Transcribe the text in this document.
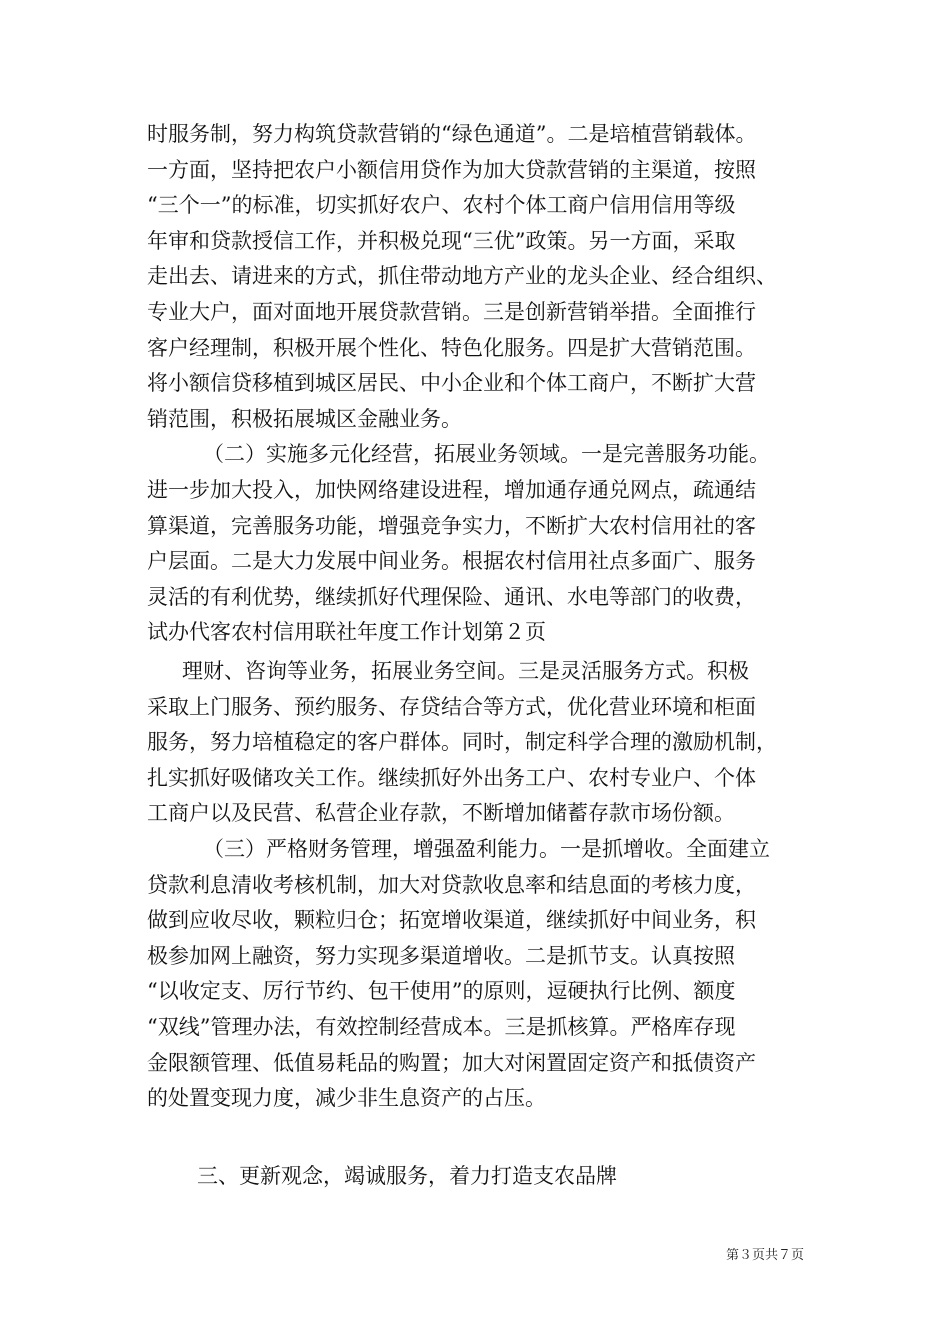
时服务制，努力构筑贷款营销的“绿色通道”。二是培植营销载体。
一方面，坚持把农户小额信用贷作为加大贷款营销的主渠道，按照
“三个一”的标准，切实抓好农户、农村个体工商户信用信用等级
年审和贷款授信工作，并积极兑现“三优”政策。另一方面，采取
走出去、请进来的方式，抓住带动地方产业的龙头企业、经合组织、
专业大户，面对面地开展贷款营销。三是创新营销举措。全面推行
客户经理制，积极开展个性化、特色化服务。四是扩大营销范围。
将小额信贷移植到城区居民、中小企业和个体工商户，不断扩大营
销范围，积极拓展城区金融业务。
（二）实施多元化经营，拓展业务领域。一是完善服务功能。
进一步加大投入，加快网络建设进程，增加通存通兑网点，疏通结
算渠道，完善服务功能，增强竞争实力，不断扩大农村信用社的客
户层面。二是大力发展中间业务。根据农村信用社点多面广、服务
灵活的有利优势，继续抓好代理保险、通讯、水电等部门的收费，
试办代客农村信用联社年度工作计划第２页
理财、咨询等业务，拓展业务空间。三是灵活服务方式。积极
采取上门服务、预约服务、存贷结合等方式，优化营业环境和柜面
服务，努力培植稳定的客户群体。同时，制定科学合理的激励机制，
扎实抓好吸储攻关工作。继续抓好外出务工户、农村专业户、个体
工商户以及民营、私营企业存款，不断增加储蓄存款市场份额。
（三）严格财务管理，增强盈利能力。一是抓增收。全面建立
贷款利息清收考核机制，加大对贷款收息率和结息面的考核力度，
做到应收尽收，颗粒归仓；拓宽增收渠道，继续抓好中间业务，积
极参加网上融资，努力实现多渠道增收。二是抓节支。认真按照
“以收定支、厉行节约、包干使用”的原则，逗硬执行比例、额度
“双线”管理办法，有效控制经营成本。三是抓核算。严格库存现
金限额管理、低值易耗品的购置；加大对闲置固定资产和抵债资产
的处置变现力度，减少非生息资产的占压。
三、更新观念，竭诚服务，着力打造支农品牌
第３页共７页
